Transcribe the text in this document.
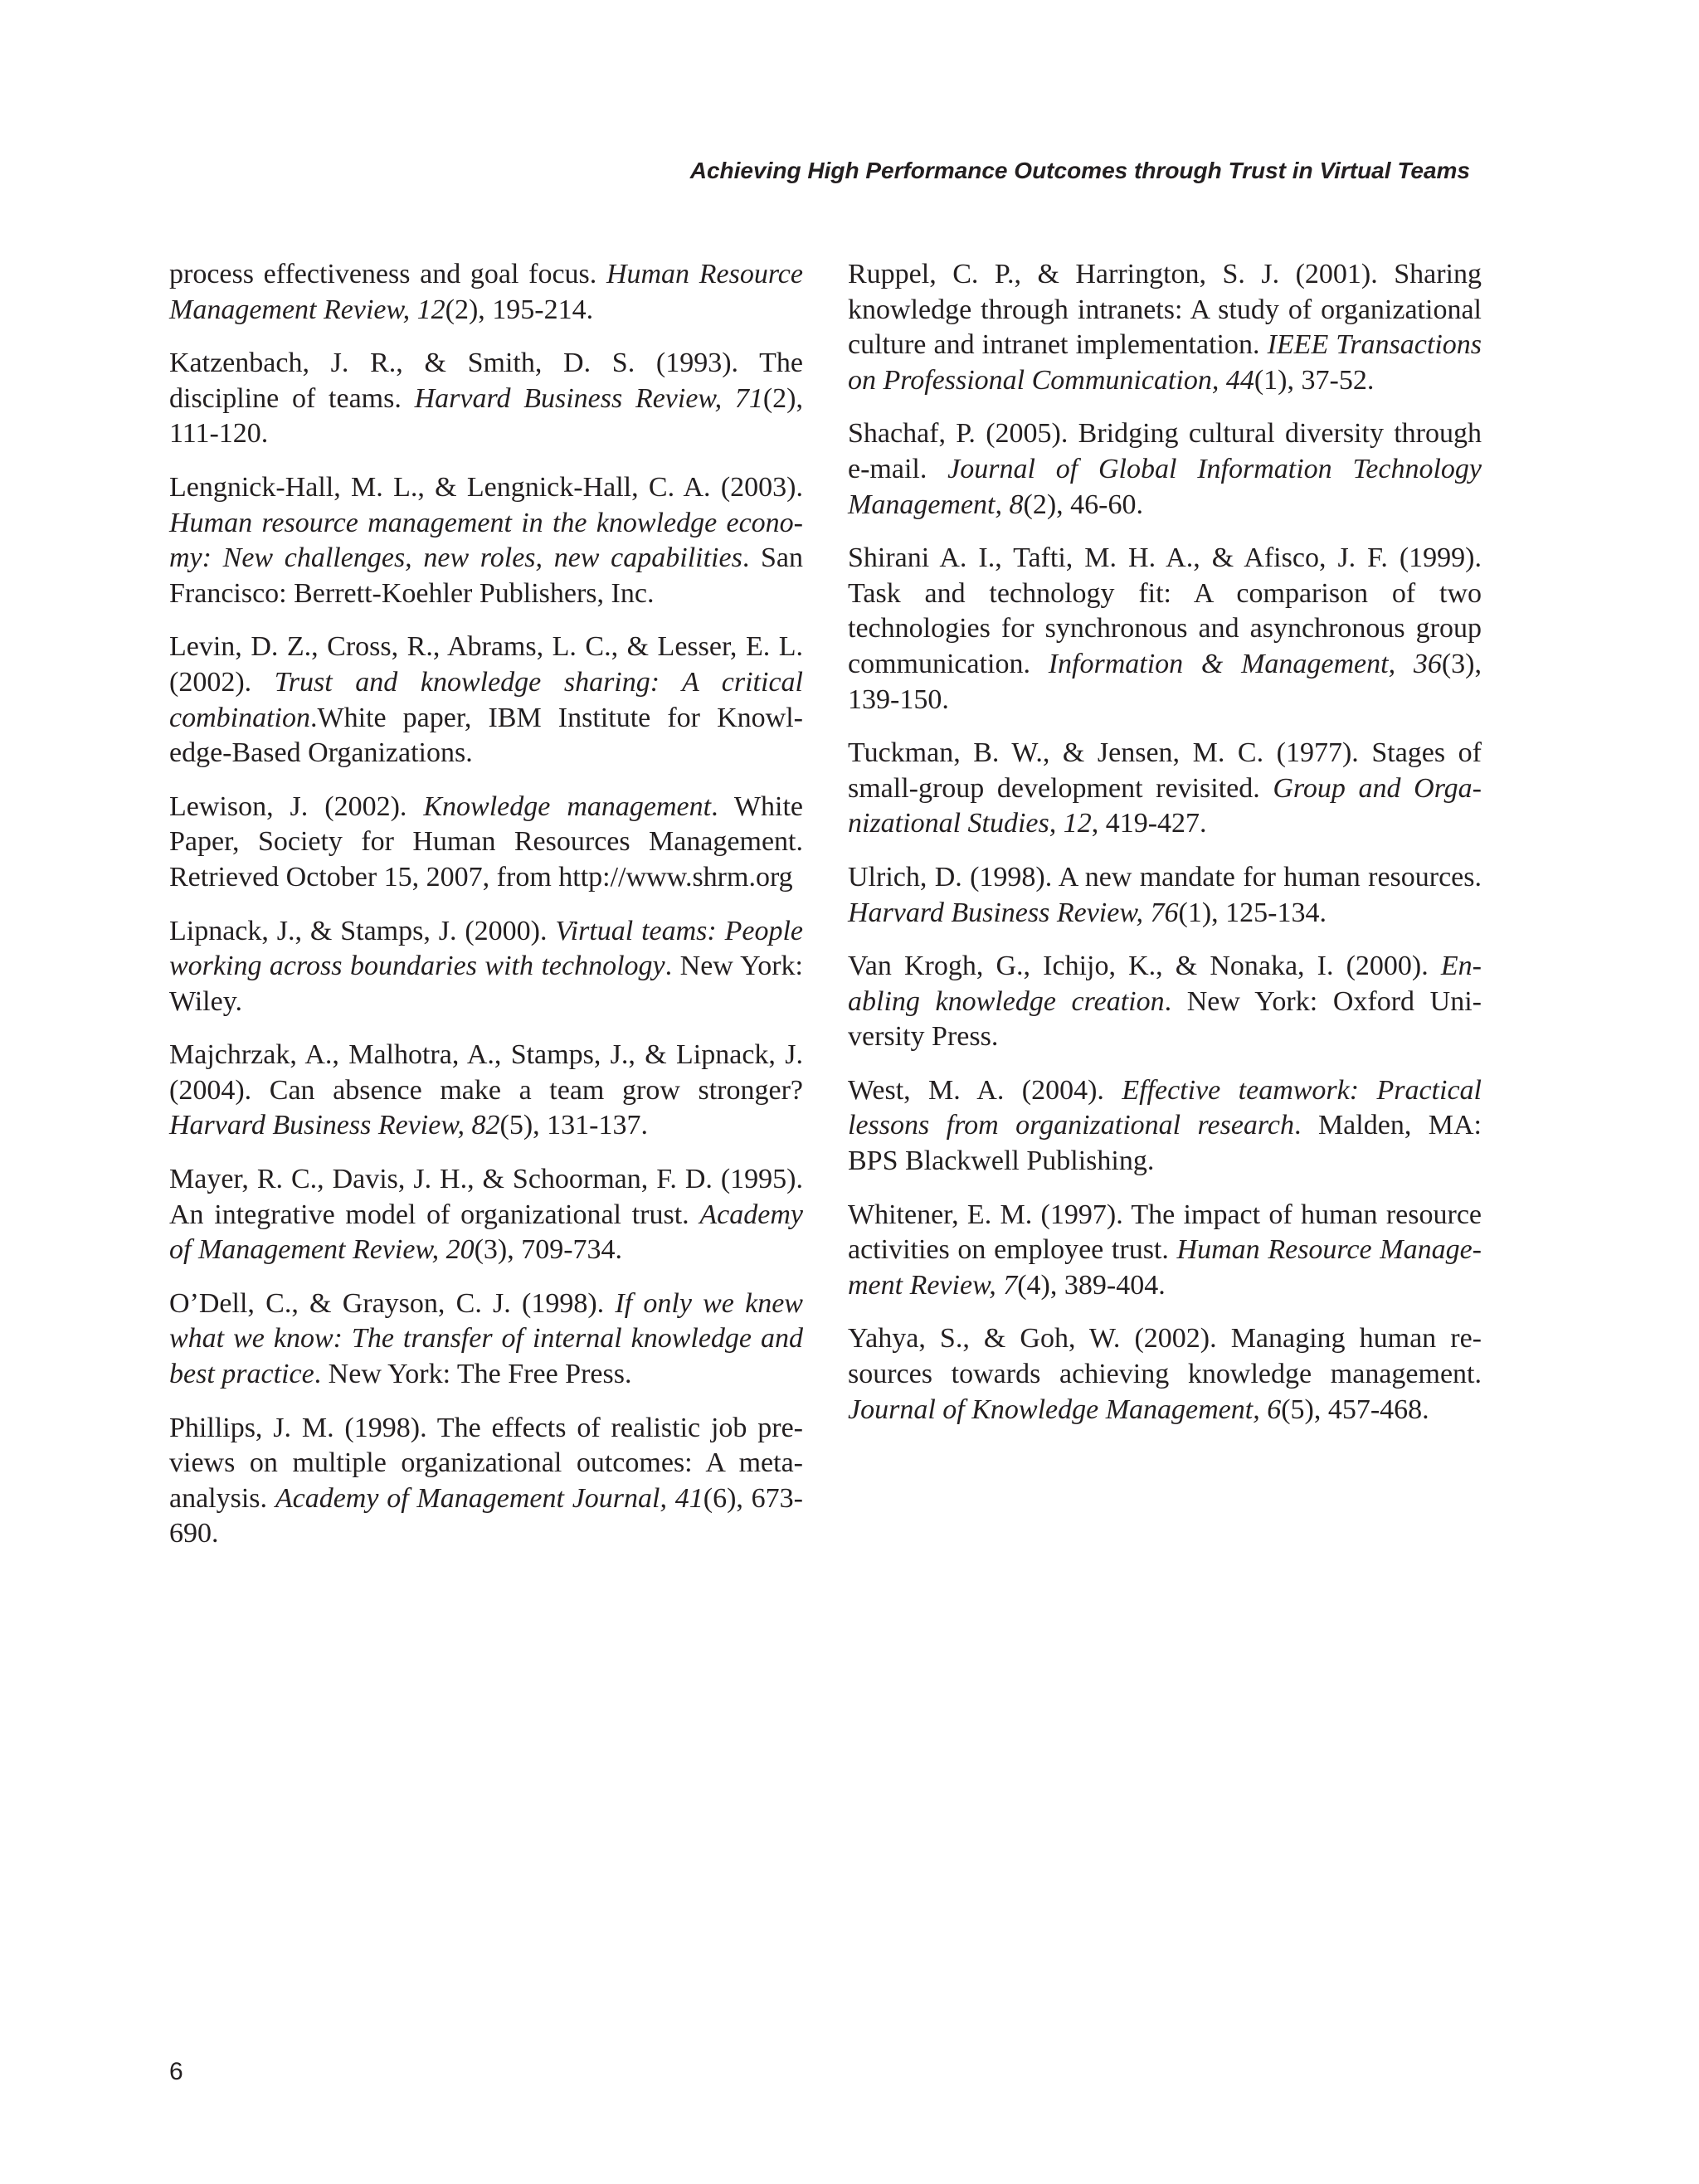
Achieving High Performance Outcomes through Trust in Virtual Teams

process effectiveness and goal focus. Human Resource Management Review, 12(2), 195-214.

Katzenbach, J. R., & Smith, D. S. (1993). The discipline of teams. Harvard Business Review, 71(2), 111-120.

Lengnick-Hall, M. L., & Lengnick-Hall, C. A. (2003). Human resource management in the knowledge economy: New challenges, new roles, new capabilities. San Francisco: Berrett-Koehler Publishers, Inc.

Levin, D. Z., Cross, R., Abrams, L. C., & Lesser, E. L. (2002). Trust and knowledge sharing: A critical combination.White paper, IBM Institute for Knowledge-Based Organizations.

Lewison, J. (2002). Knowledge management. White Paper, Society for Human Resources Management. Retrieved October 15, 2007, from http://www.shrm.​org

Lipnack, J., & Stamps, J. (2000). Virtual teams: People working across boundaries with technology. New York: Wiley.

Majchrzak, A., Malhotra, A., Stamps, J., & Lipnack, J. (2004). Can absence make a team grow stronger? Harvard Business Review, 82(5), 131-137.

Mayer, R. C., Davis, J. H., & Schoorman, F. D. (1995). An integrative model of organizational trust. Academy of Management Review, 20(3), 709-734.

O’Dell, C., & Grayson, C. J. (1998). If only we knew what we know: The transfer of internal knowledge and best practice. New York: The Free Press.

Phillips, J. M. (1998). The effects of realistic job previews on multiple organizational outcomes: A meta-analysis. Academy of Management Journal, 41(6), 673-690.

Ruppel, C. P., & Harrington, S. J. (2001). Sharing knowledge through intranets: A study of organizational culture and intranet implementation. IEEE Transactions on Professional Communication, 44(1), 37-52.

Shachaf, P. (2005). Bridging cultural diversity through e-mail. Journal of Global Information Technology Management, 8(2), 46-60.

Shirani A. I., Tafti, M. H. A., & Afisco, J. F. (1999). Task and technology fit: A comparison of two technologies for synchronous and asynchronous group communication. Information & Management, 36(3), 139-150.

Tuckman, B. W., & Jensen, M. C. (1977). Stages of small-group development revisited. Group and Organizational Studies, 12, 419-427.

Ulrich, D. (1998). A new mandate for human resources. Harvard Business Review, 76(1), 125-134.

Van Krogh, G., Ichijo, K., & Nonaka, I. (2000). Enabling knowledge creation. New York: Oxford University Press.

West, M. A. (2004). Effective teamwork: Practical lessons from organizational research. Malden, MA: BPS Blackwell Publishing.

Whitener, E. M. (1997). The impact of human resource activities on employee trust. Human Resource Management Review, 7(4), 389-404.

Yahya, S., & Goh, W. (2002). Managing human resources towards achieving knowledge management. Journal of Knowledge Management, 6(5), 457-468.

6
